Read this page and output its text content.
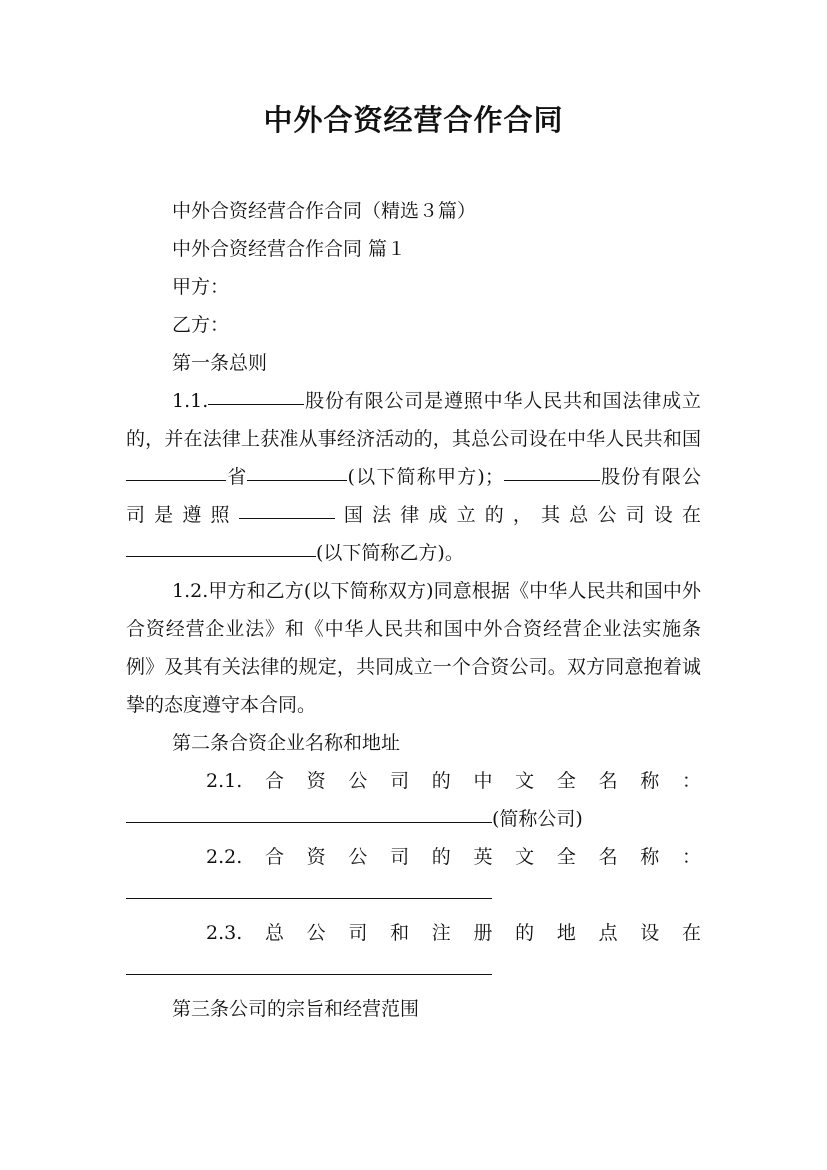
中外合资经营合作合同

中外合资经营合作合同（精选３篇）

中外合资经营合作合同 篇１

甲方：

乙方：

第一条总则

1.1.	股份有限公司是遵照中华人民共和国法律成立的，并在法律上获准从事经济活动的，其总公司设在中华人民共和国省	(以下简称甲方)；	股份有限公司是遵照	国法律成立的，其总公司设在(以下简称乙方)。

1.2.甲方和乙方(以下简称双方)同意根据《中华人民共和国中外合资经营企业法》和《中华人民共和国中外合资经营企业法实施条例》及其有关法律的规定，共同成立一个合资公司。双方同意抱着诚挚的态度遵守本合同。

第二条合资企业名称和地址

2.1. 合 资 公 司 的 中 文 全 名 称 ：

(简称公司)

2.2. 合 资 公 司 的 英 文 全 名 称 ：

2.3. 总 公 司 和 注 册 的 地 点 设 在

第三条公司的宗旨和经营范围
